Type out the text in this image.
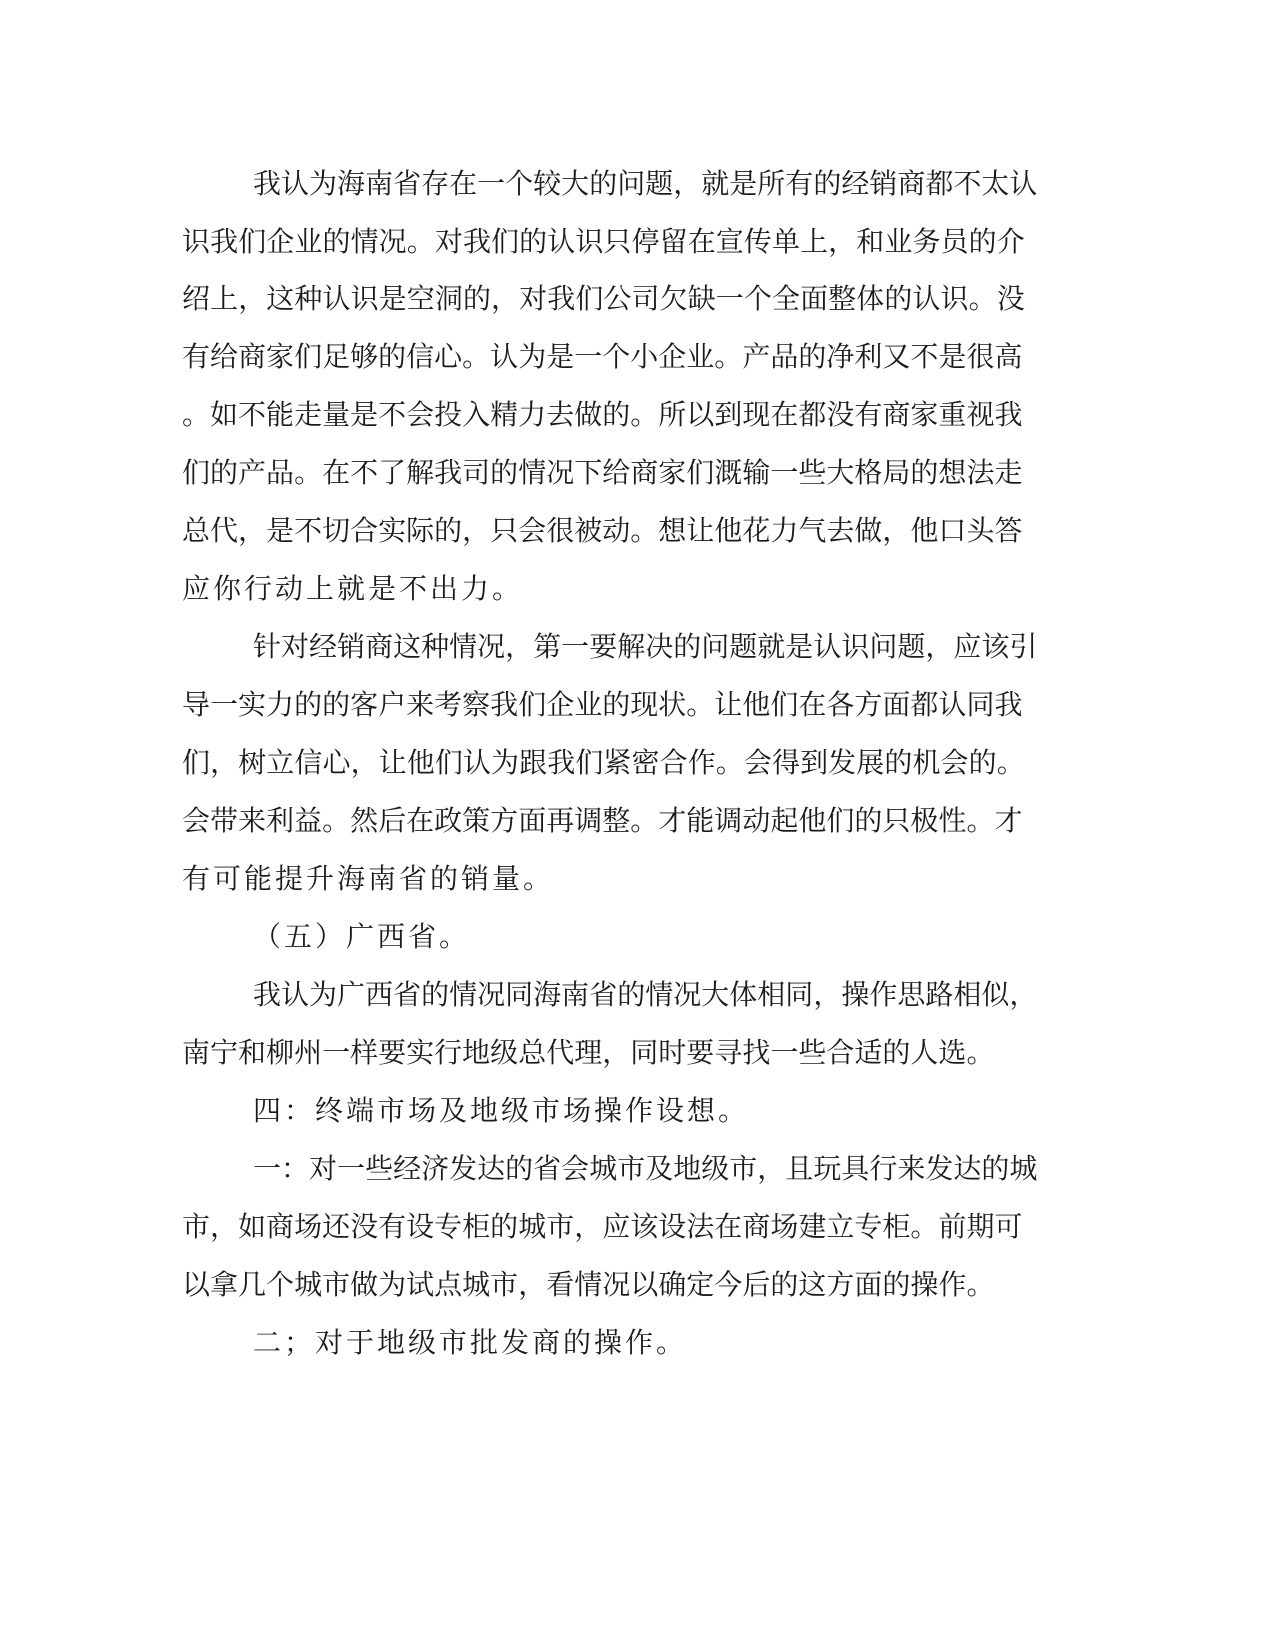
我 认 为 海 南 省 存 在 一 个 较 大 的 问 题 ， 就 是 所 有 的 经 销 商 都 不 太 认
识 我 们 企 业 的 情 况 。 对 我 们 的 认 识 只 停 留 在 宣 传 单 上 ， 和 业 务 员 的 介
绍 上 ， 这 种 认 识 是 空 洞 的 ， 对 我 们 公 司 欠 缺 一 个 全 面 整 体 的 认 识 。 没
有 给 商 家 们 足 够 的 信 心 。 认 为 是 一 个 小 企 业 。 产 品 的 净 利 又 不 是 很 高
。 如 不 能 走 量 是 不 会 投 入 精 力 去 做 的 。 所 以 到 现 在 都 没 有 商 家 重 视 我
们 的 产 品 。 在 不 了 解 我 司 的 情 况 下 给 商 家 们 溉 输 一 些 大 格 局 的 想 法 走
总 代 ， 是 不 切 合 实 际 的 ， 只 会 很 被 动 。 想 让 他 花 力 气 去 做 ， 他 口 头 答
应你行动上就是不出力。
针 对 经 销 商 这 种 情 况 ， 第 一 要 解 决 的 问 题 就 是 认 识 问 题 ， 应 该 引
导 一 实 力 的 的 客 户 来 考 察 我 们 企 业 的 现 状 。 让 他 们 在 各 方 面 都 认 同 我
们 ， 树 立 信 心 ， 让 他 们 认 为 跟 我 们 紧 密 合 作 。 会 得 到 发 展 的 机 会 的 。
会 带 来 利 益 。 然 后 在 政 策 方 面 再 调 整 。 才 能 调 动 起 他 们 的 只 极 性 。 才
有可能提升海南省的销量。
（五）广西省。
我 认 为 广 西 省 的 情 况 同 海 南 省 的 情 况 大 体 相 同 ， 操 作 思 路 相 似 ，
南 宁 和 柳 州 一 样 要 实 行 地 级 总 代 理 ， 同 时 要 寻 找 一 些 合 适 的 人 选 。
四：终端市场及地级市场操作设想。
一 ： 对 一 些 经 济 发 达 的 省 会 城 市 及 地 级 市 ， 且 玩 具 行 来 发 达 的 城
市 ， 如 商 场 还 没 有 设 专 柜 的 城 市 ， 应 该 设 法 在 商 场 建 立 专 柜 。 前 期 可
以 拿 几 个 城 市 做 为 试 点 城 市 ， 看 情 况 以 确 定 今 后 的 这 方 面 的 操 作 。
二；对于地级市批发商的操作。
